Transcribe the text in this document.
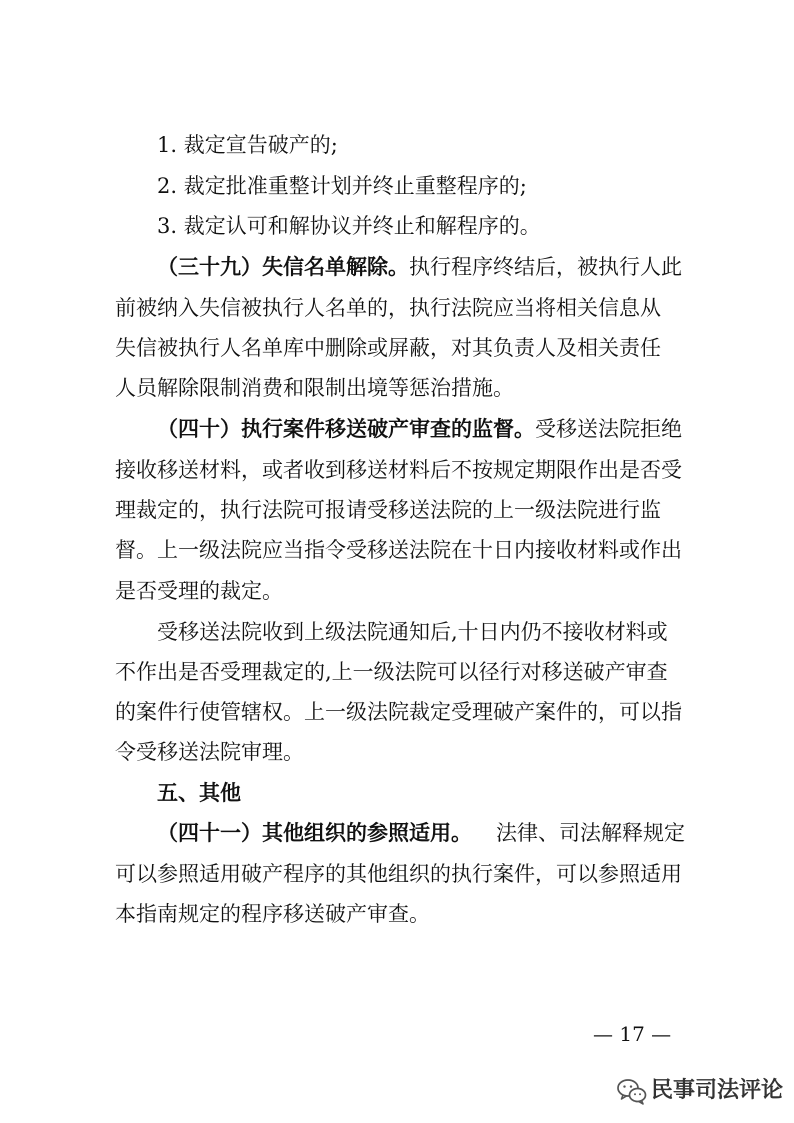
1. 裁定宣告破产的;
2. 裁定批准重整计划并终止重整程序的;
3. 裁定认可和解协议并终止和解程序的。
（三十九）失信名单解除。执行程序终结后，被执行人此
前被纳入失信被执行人名单的，执行法院应当将相关信息从
失信被执行人名单库中删除或屏蔽，对其负责人及相关责任
人员解除限制消费和限制出境等惩治措施。
（四十）执行案件移送破产审查的监督。受移送法院拒绝
接收移送材料，或者收到移送材料后不按规定期限作出是否受
理裁定的，执行法院可报请受移送法院的上一级法院进行监
督。上一级法院应当指令受移送法院在十日内接收材料或作出
是否受理的裁定。
受移送法院收到上级法院通知后,十日内仍不接收材料或
不作出是否受理裁定的,上一级法院可以径行对移送破产审查
的案件行使管辖权。上一级法院裁定受理破产案件的，可以指
令受移送法院审理。
五、其他
（四十一）其他组织的参照适用。 法律、司法解释规定
可以参照适用破产程序的其他组织的执行案件，可以参照适用
本指南规定的程序移送破产审查。
— 17 —
民事司法评论
